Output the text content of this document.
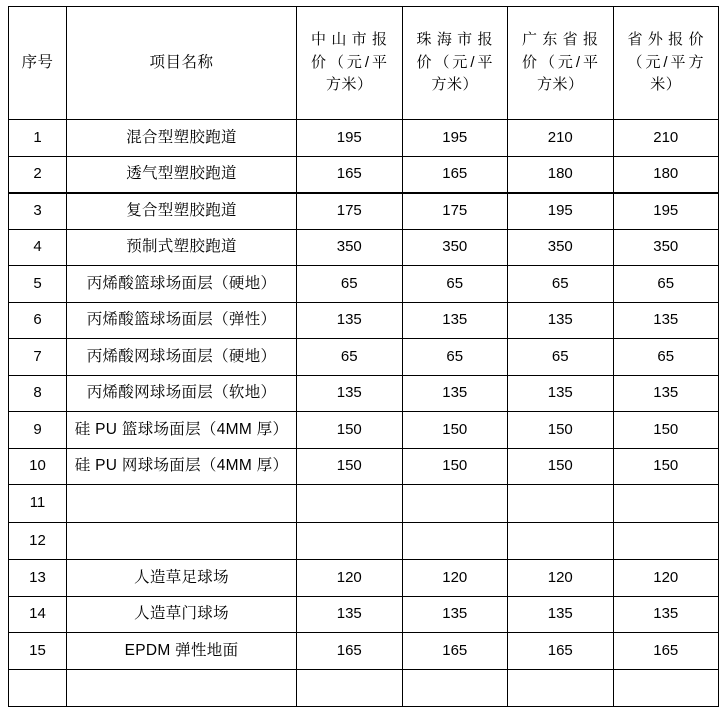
序号	项目名称	中山市报价（元/平方米）	珠海市报价（元/平方米）	广东省报价（元/平方米）	省外报价（元/平方米）
1	混合型塑胶跑道	195	195	210	210
2	透气型塑胶跑道	165	165	180	180
3	复合型塑胶跑道	175	175	195	195
4	预制式塑胶跑道	350	350	350	350
5	丙烯酸篮球场面层（硬地）	65	65	65	65
6	丙烯酸篮球场面层（弹性）	135	135	135	135
7	丙烯酸网球场面层（硬地）	65	65	65	65
8	丙烯酸网球场面层（软地）	135	135	135	135
9	硅 PU 篮球场面层（4MM 厚）	150	150	150	150
10	硅 PU 网球场面层（4MM 厚）	150	150	150	150
11					
12					
13	人造草足球场	120	120	120	120
14	人造草门球场	135	135	135	135
15	EPDM 弹性地面	165	165	165	165
